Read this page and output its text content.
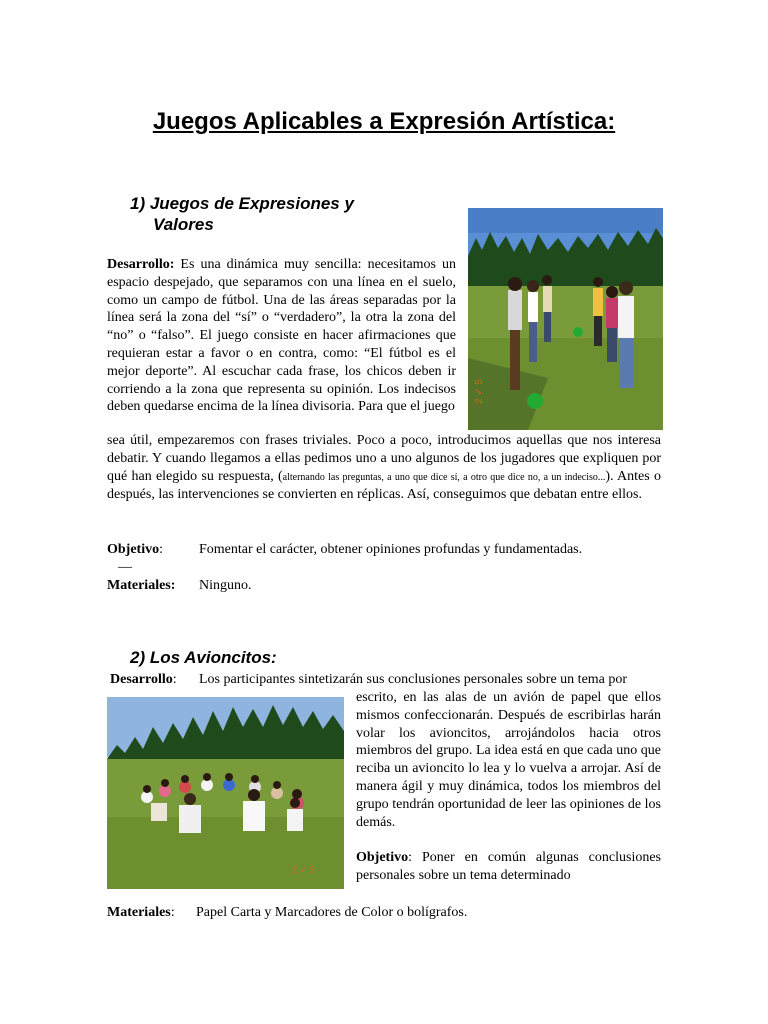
Juegos Aplicables a Expresión Artística:
1) Juegos de Expresiones y
Valores
2 ✓ 5
Desarrollo: Es una dinámica muy sencilla: necesitamos un espacio despejado, que separamos con una línea en el suelo, como un campo de fútbol. Una de las áreas separadas por la línea será la zona del “sí” o “verdadero”, la otra la zona del “no” o “falso”. El juego consiste en hacer afirmaciones que requieran estar a favor o en contra, como: “El fútbol es el mejor deporte”. Al escuchar cada frase, los chicos deben ir corriendo a la zona que representa su opinión. Los indecisos deben quedarse encima de la línea divisoria. Para que el juego
sea útil, empezaremos con frases triviales. Poco a poco, introducimos aquellas que nos interesa debatir. Y cuando llegamos a ellas pedimos uno a uno algunos de los jugadores que expliquen por qué han elegido su respuesta, (alternando las preguntas, a uno que dice sí, a otro que dice no, a un indeciso...). Antes o después, las intervenciones se convierten en réplicas. Así, conseguimos que debatan entre ellos.
Objetivo:	Fomentar el carácter, obtener opiniones profundas y fundamentadas.
__
Materiales: Ninguno.
2) Los Avioncitos:
Desarrollo: Los participantes sintetizarán sus conclusiones personales sobre un tema por
2 ✓ 3
escrito, en las alas de un avión de papel que ellos mismos confeccionarán. Después de escribirlas harán volar los avioncitos, arrojándolos hacia otros miembros del grupo. La idea está en que cada uno que reciba un avioncito lo lea y lo vuelva a arrojar. Así de manera ágil y muy dinámica, todos los miembros del grupo tendrán oportunidad de leer las opiniones de los demás.
Objetivo: Poner en común algunas conclusiones personales sobre un tema determinado
Materiales: Papel Carta y Marcadores de Color o bolígrafos.
